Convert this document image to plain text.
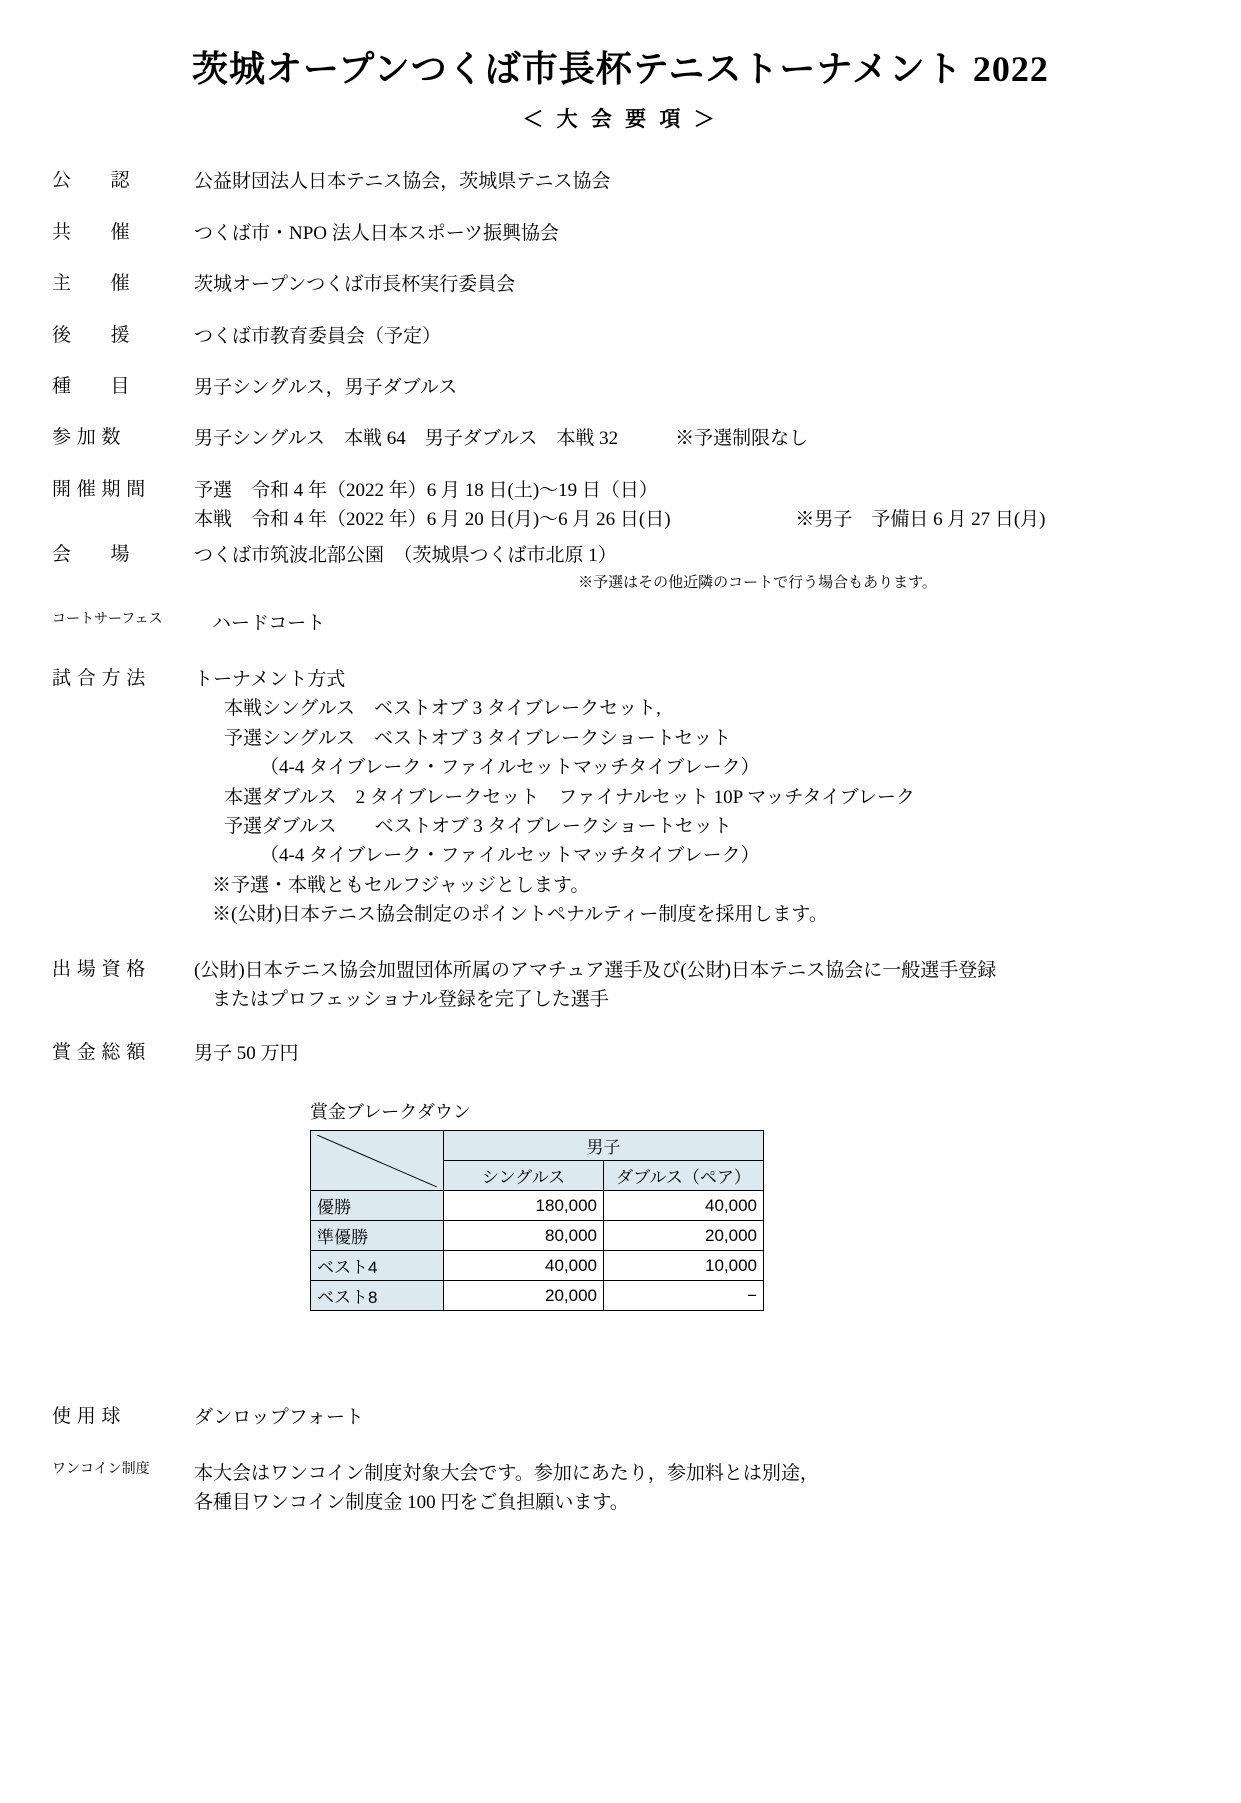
茨城オープンつくば市長杯テニストーナメント 2022
＜ 大 会 要 項 ＞
公　　認	公益財団法人日本テニス協会，茨城県テニス協会
共　　催	つくば市・NPO 法人日本スポーツ振興協会
主　　催	茨城オープンつくば市長杯実行委員会
後　　援	つくば市教育委員会（予定）
種　　目	男子シングルス，男子ダブルス
参 加 数	男子シングルス　本戦 64　男子ダブルス　本戦 32　　　※予選制限なし
開 催 期 間	予選　令和 4 年（2022 年）6 月 18 日(土)～19 日（日）
本戦　令和 4 年（2022 年）6 月 20 日(月)～6 月 26 日(日)	※男子　予備日 6 月 27 日(月)
会　　場	つくば市筑波北部公園　（茨城県つくば市北原 1）
※予選はその他近隣のコートで行う場合もあります。
コートサーフェス	ハードコート
試 合 方 法	トーナメント方式
本戦シングルス　ベストオブ 3 タイブレークセット,
予選シングルス　ベストオブ 3 タイブレークショートセット
（4-4 タイブレーク・ファイルセットマッチタイブレーク）
本選ダブルス　2 タイブレークセット　ファイナルセット 10P マッチタイブレーク
予選ダブルス　　ベストオブ 3 タイブレークショートセット
（4-4 タイブレーク・ファイルセットマッチタイブレーク）
※予選・本戦ともセルフジャッジとします。
※(公財)日本テニス協会制定のポイントペナルティー制度を採用します。
出 場 資 格	(公財)日本テニス協会加盟団体所属のアマチュア選手及び(公財)日本テニス協会に一般選手登録
またはプロフェッショナル登録を完了した選手
賞 金 総 額	男子 50 万円
賞金ブレークダウン
	男子	
	シングルス	ダブルス（ペア）
優勝	180,000	40,000
準優勝	80,000	20,000
ベスト4	40,000	10,000
ベスト8	20,000	−
使 用 球	ダンロップフォート
ワンコイン制度	本大会はワンコイン制度対象大会です。参加にあたり，参加料とは別途，
各種目ワンコイン制度金 100 円をご負担願います。
